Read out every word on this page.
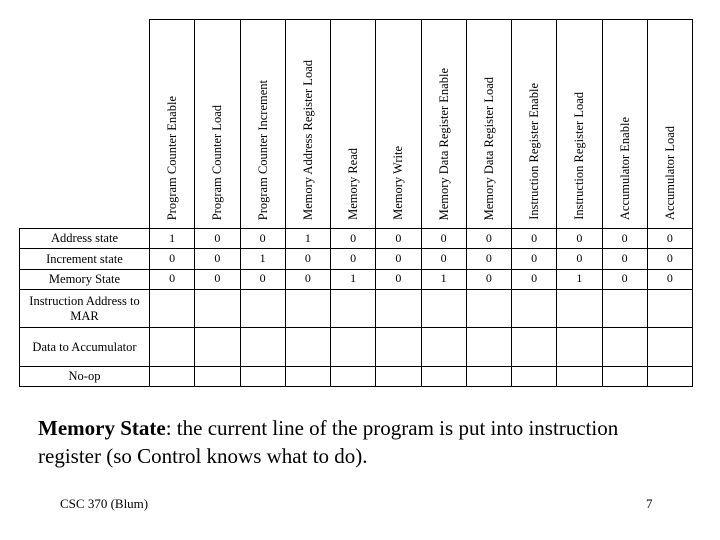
	Program Counter Enable	Program Counter Load	Program Counter Increment	Memory Address Register Load	Memory Read	Memory Write	Memory Data Register Enable	Memory Data Register Load	Instruction Register Enable	Instruction Register Load	Accumulator Enable	Accumulator Load

Address state	1	0	0	1	0	0	0	0	0	0	0	0
Increment state	0	0	1	0	0	0	0	0	0	0	0	0
Memory State	0	0	0	0	1	0	1	0	0	1	0	0
Instruction Address to MAR												
Data to Accumulator												
No-op												
Memory State: the current line of the program is put into instruction register (so Control knows what to do).
CSC 370 (Blum)	7
